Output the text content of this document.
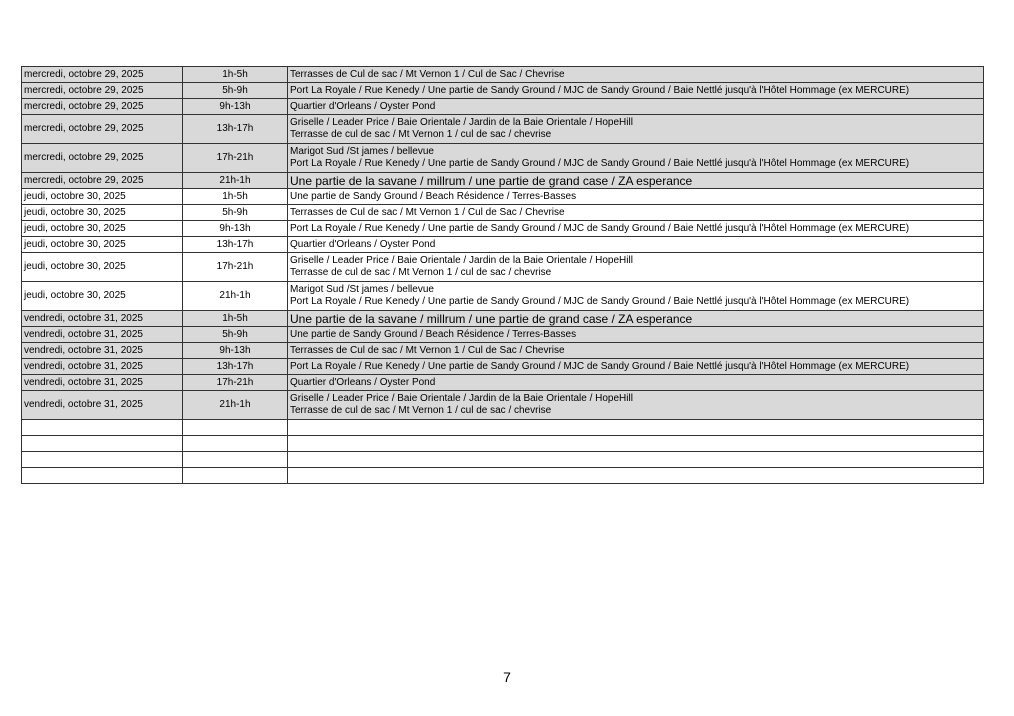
mercredi, octobre 29, 2025	1h-5h	Terrasses de Cul de sac / Mt Vernon 1 / Cul de Sac / Chevrise

mercredi, octobre 29, 2025	5h-9h	Port La Royale / Rue Kenedy / Une partie de Sandy Ground / MJC de Sandy Ground / Baie Nettlé jusqu'à l'Hôtel Hommage (ex MERCURE)

mercredi, octobre 29, 2025	9h-13h	Quartier d'Orleans / Oyster Pond

mercredi, octobre 29, 2025	13h-17h	Griselle / Leader Price / Baie Orientale / Jardin de la Baie Orientale / HopeHill
Terrasse de cul de sac / Mt Vernon 1 / cul de sac / chevrise

mercredi, octobre 29, 2025	17h-21h	Marigot Sud /St james / bellevue
Port La Royale / Rue Kenedy / Une partie de Sandy Ground / MJC de Sandy Ground / Baie Nettlé jusqu'à l'Hôtel Hommage (ex MERCURE)

mercredi, octobre 29, 2025	21h-1h	Une partie de la savane / millrum / une partie de grand case / ZA esperance

jeudi, octobre 30, 2025	1h-5h	Une partie de Sandy Ground / Beach Résidence / Terres-Basses

jeudi, octobre 30, 2025	5h-9h	Terrasses de Cul de sac / Mt Vernon 1 / Cul de Sac / Chevrise

jeudi, octobre 30, 2025	9h-13h	Port La Royale / Rue Kenedy / Une partie de Sandy Ground / MJC de Sandy Ground / Baie Nettlé jusqu'à l'Hôtel Hommage (ex MERCURE)

jeudi, octobre 30, 2025	13h-17h	Quartier d'Orleans / Oyster Pond

jeudi, octobre 30, 2025	17h-21h	Griselle / Leader Price / Baie Orientale / Jardin de la Baie Orientale / HopeHill
Terrasse de cul de sac / Mt Vernon 1 / cul de sac / chevrise

jeudi, octobre 30, 2025	21h-1h	Marigot Sud /St james / bellevue
Port La Royale / Rue Kenedy / Une partie de Sandy Ground / MJC de Sandy Ground / Baie Nettlé jusqu'à l'Hôtel Hommage (ex MERCURE)

vendredi, octobre 31, 2025	1h-5h	Une partie de la savane / millrum / une partie de grand case / ZA esperance

vendredi, octobre 31, 2025	5h-9h	Une partie de Sandy Ground / Beach Résidence / Terres-Basses

vendredi, octobre 31, 2025	9h-13h	Terrasses de Cul de sac / Mt Vernon 1 / Cul de Sac / Chevrise

vendredi, octobre 31, 2025	13h-17h	Port La Royale / Rue Kenedy / Une partie de Sandy Ground / MJC de Sandy Ground / Baie Nettlé jusqu'à l'Hôtel Hommage (ex MERCURE)

vendredi, octobre 31, 2025	17h-21h	Quartier d'Orleans / Oyster Pond

vendredi, octobre 31, 2025	21h-1h	Griselle / Leader Price / Baie Orientale / Jardin de la Baie Orientale / HopeHill
Terrasse de cul de sac / Mt Vernon 1 / cul de sac / chevrise

7
